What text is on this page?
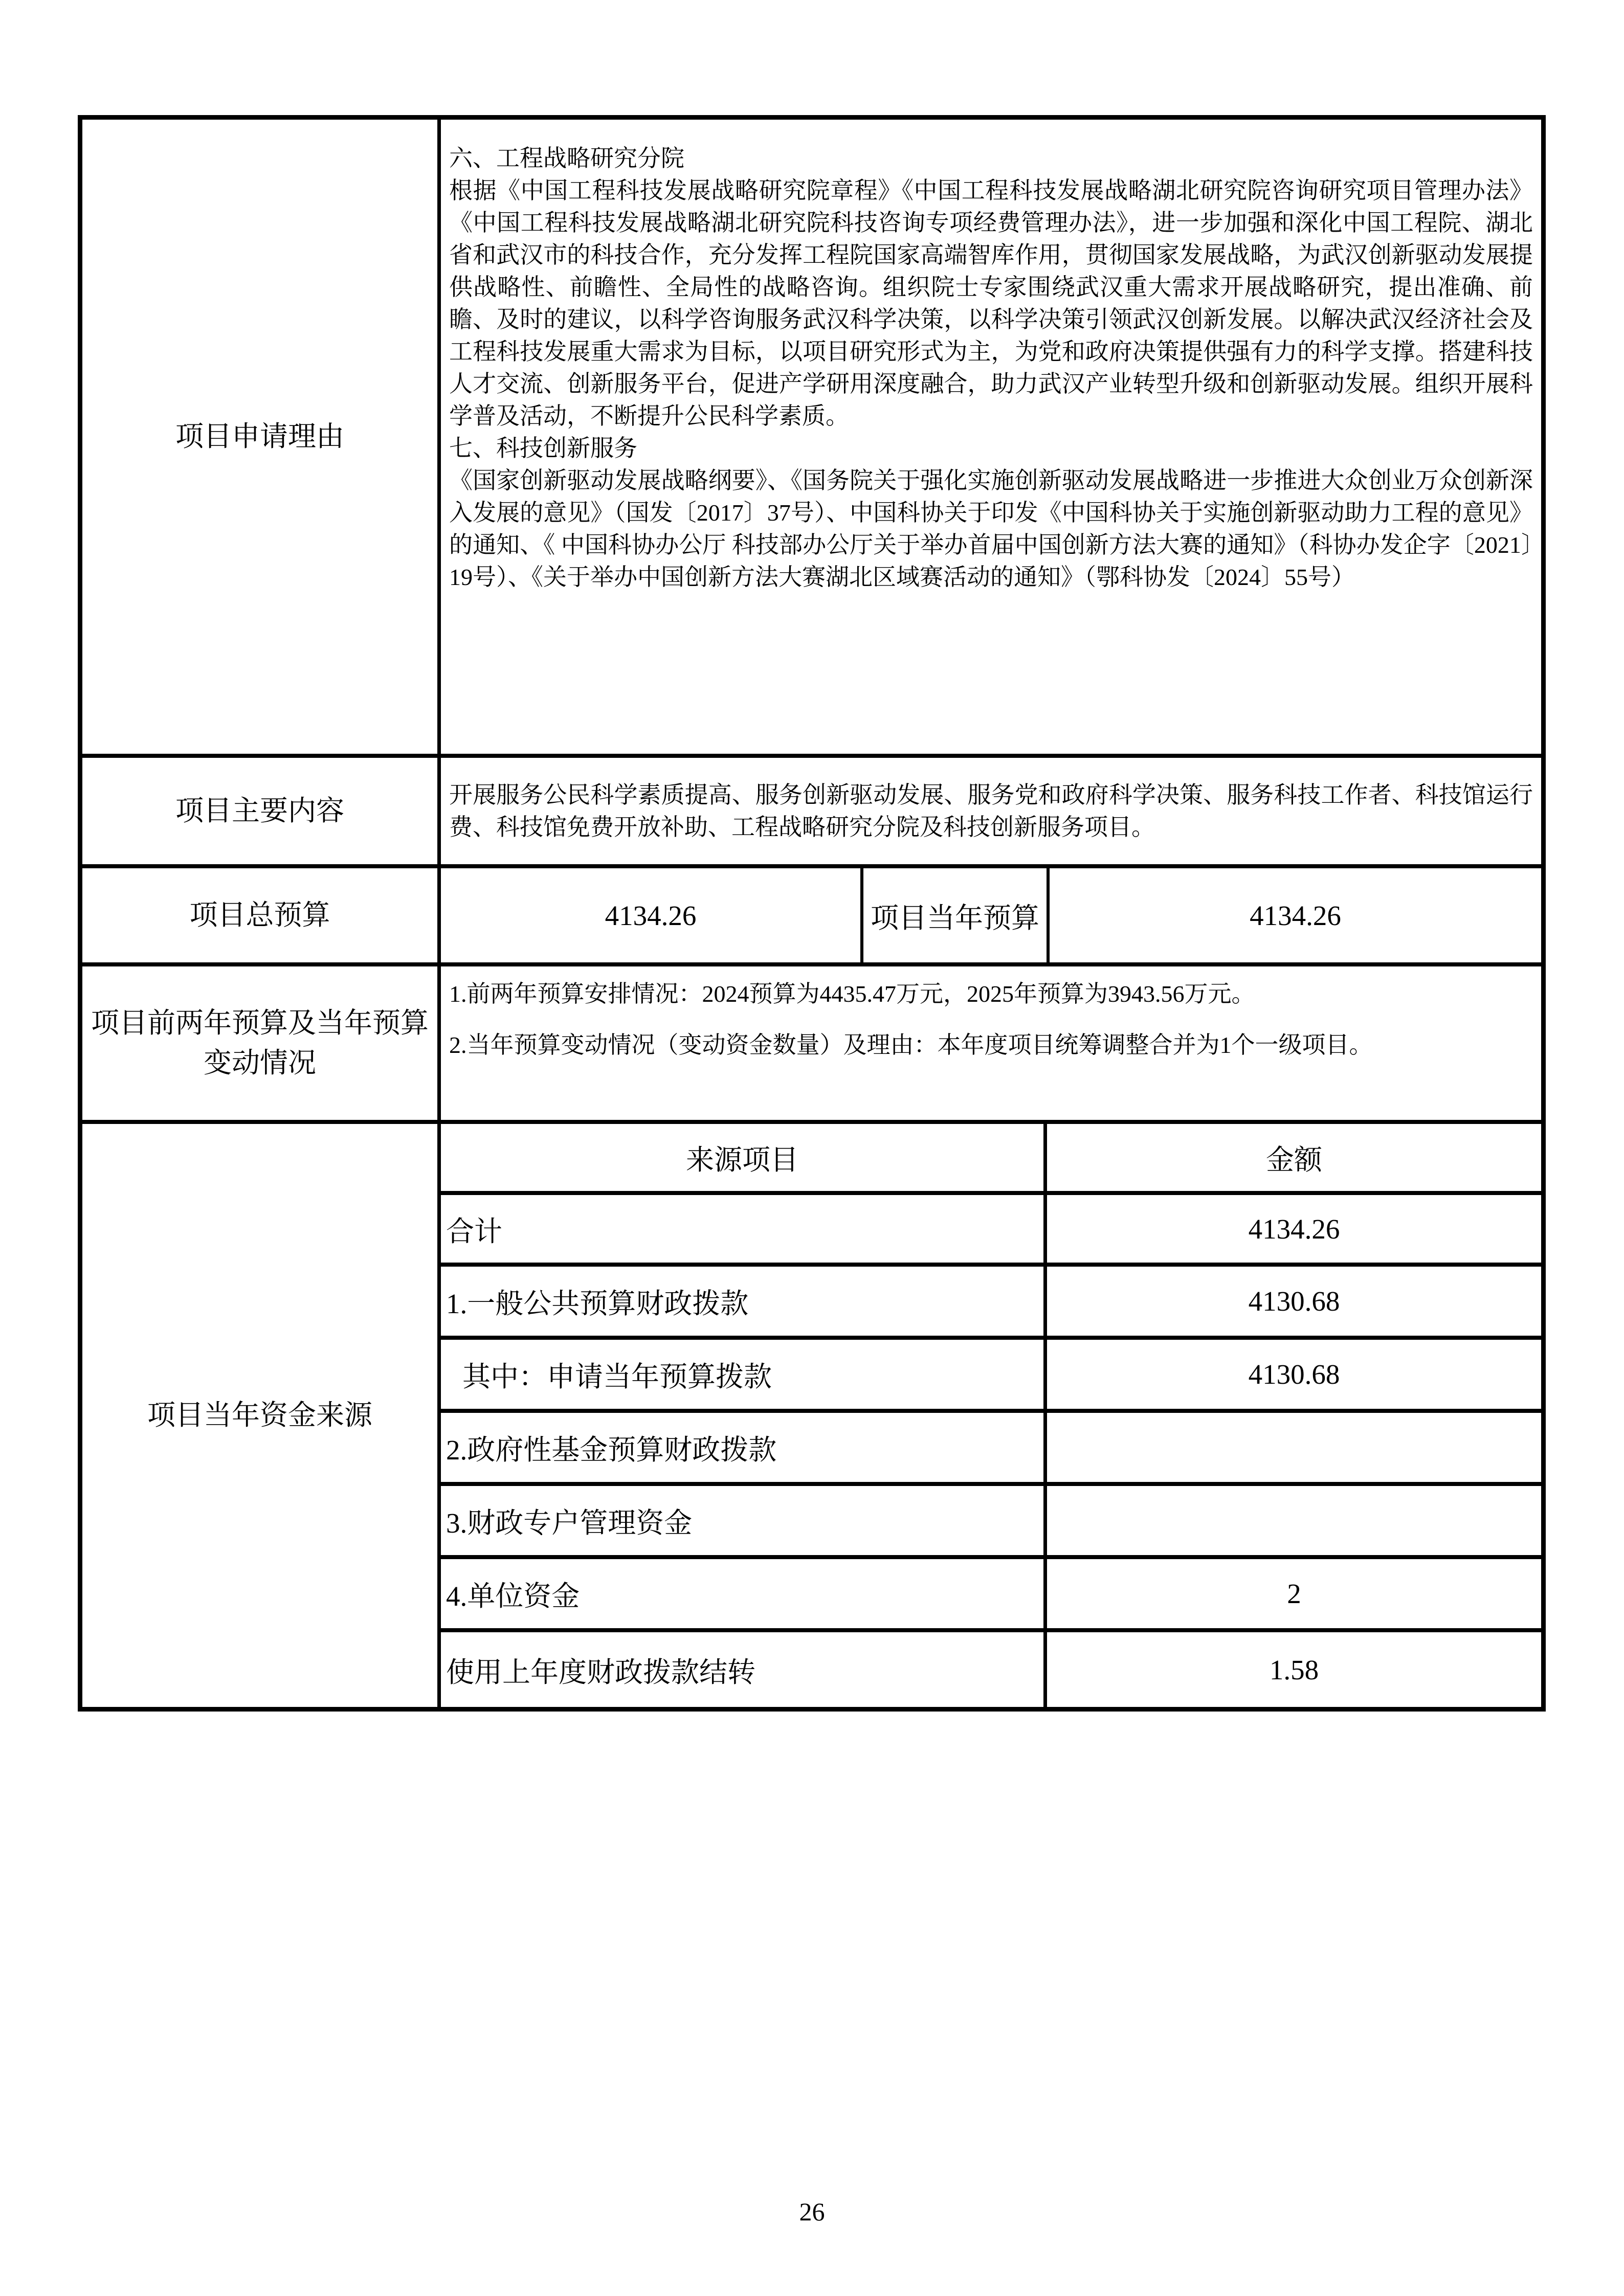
项目申请理由

六、工程战略研究分院

根据《中国工程科技发展战略研究院章程》《中国工程科技发展战略湖北研究院咨询研究项目管理办法》《中国工程科技发展战略湖北研究院科技咨询专项经费管理办法》，进一步加强和深化中国工程院、湖北省和武汉市的科技合作，充分发挥工程院国家高端智库作用，贯彻国家发展战略，为武汉创新驱动发展提供战略性、前瞻性、全局性的战略咨询。组织院士专家围绕武汉重大需求开展战略研究，提出准确、前瞻、及时的建议，以科学咨询服务武汉科学决策，以科学决策引领武汉创新发展。以解决武汉经济社会及工程科技发展重大需求为目标，以项目研究形式为主，为党和政府决策提供强有力的科学支撑。搭建科技人才交流、创新服务平台，促进产学研用深度融合，助力武汉产业转型升级和创新驱动发展。组织开展科学普及活动，不断提升公民科学素质。

七、科技创新服务

《国家创新驱动发展战略纲要》、《国务院关于强化实施创新驱动发展战略进一步推进大众创业万众创新深入发展的意见》（国发〔2017〕37号）、中国科协关于印发《中国科协关于实施创新驱动助力工程的意见》的通知、《 中国科协办公厅 科技部办公厅关于举办首届中国创新方法大赛的通知》（科协办发企字〔2021〕19号）、《关于举办中国创新方法大赛湖北区域赛活动的通知》（鄂科协发〔2024〕55号）

项目主要内容

开展服务公民科学素质提高、服务创新驱动发展、服务党和政府科学决策、服务科技工作者、科技馆运行费、科技馆免费开放补助、工程战略研究分院及科技创新服务项目。

项目总预算	4134.26	项目当年预算	4134.26
项目前两年预算及当年预算
变动情况

1.前两年预算安排情况：2024预算为4435.47万元，2025年预算为3943.56万元。

2.当年预算变动情况（变动资金数量）及理由：本年度项目统筹调整合并为1个一级项目。

项目当年资金来源
来源项目	金额
合计	4134.26
1.一般公共预算财政拨款	4130.68
其中：申请当年预算拨款	4130.68
2.政府性基金预算财政拨款
3.财政专户管理资金
4.单位资金	2
使用上年度财政拨款结转	1.58
26
